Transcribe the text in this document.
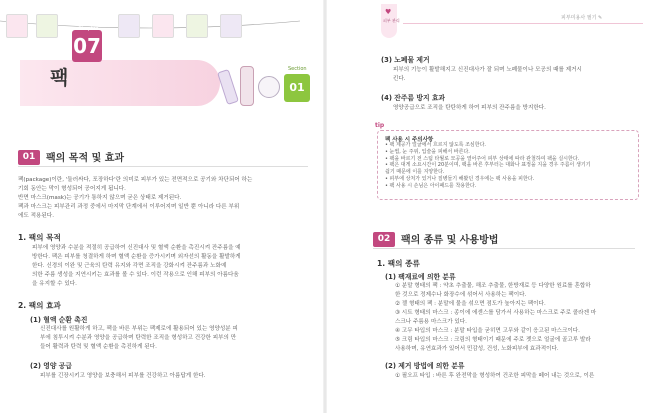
07
Chapter
팩	Section
01
01	팩의 목적 및 효과
팩(package)이란, '둘러싸다, 포장하다'란 의미로 피부가 있는 전면적으로 공기와 차단되어 하는
기회 동안는 막이 형성되어 공어지게 됩니다.
반면 마스크(mask)는 공기가 통하지 않으며 굳은 상태로 제거된다.
팩과 마스크는 피부관리 과정 중에서 마지막 단계에서 이루어지며 일반 뿐 아니라 다른 부위
에도 적용된다.
1. 팩의 목적
피부에 영양과 수분을 적절히 공급하여 신진대사 및 혈액 순환을 촉진시켜 잔주름을 예
방한다. 팩은 피부를 청결하게 하며 혈액 순환을 증가시키며 외자선의 활동을 활발하게
한다. 신경의 이완 및 근육의 탄력 유지와 각면 조직을 강화시켜 잔주름과 노화예
의한 주름 생성을 지연시키는 효과를 볼 수 있다. 이런 작용으로 인해 피부의 아름다움
을 유지할 수 있다.
2. 팩의 효과
(1) 혈액 순환 촉진
신진대사를 원활하게 하고, 팩을 바른 부위는 팩제로에 활용되어 있는 영양성분 피
부에 침투시켜 수분과 영양을 공급하며 탄력한 조직을 형성하고 건강한 피부의 만
들어 활력과 탄력 및 혈액 순환을 촉진하게 된다.
(2) 영양 공급
피부를 긴장시키고 영양을 보충해서 피부를 건강하고 아름답게 한다.
♥
피부 관리	피부미용사 필기 ✎
(3) 노폐물 제거
피부의 기능이 활발해지고 신진대사가 잘 되며 노폐물이나 모공의 때를 제거시
킨다.
(4) 잔주름 방지 효과
영양공급으로 조직을 탄탄하게 하여 피부의 잔주름을 방지한다.
tip
팩 사용 시 주의사항
• 팩 제공가 얼굴에서 흐르지 않도록 조심한다.
• 눈썹, 눈 주위, 입술을 피해서 바른다.
• 팩을 바르기 전 스팀 타월로 모공을 열어주어 피부 상태에 따라 관철하여 팩을 실시한다.
• 팩은 대게 소요시간이 20분이며, 팩을 바른 후부터는 대화나 표정을 지을 경우 주름이 생기기
쉽기 때문에 이를 지양한다.
• 피부에 상처가 있거나 질병들기 해봤던 경우에는 팩 사용을 피한다.
• 팩 사용 시 손님은 아이패드를 착용한다.
02	팩의 종류 및 사용방법
1. 팩의 종류
(1) 팩재료에 의한 분류
① 분말 형태의 팩 : 약초 추출물, 해조 추출물, 한방재료 등 다양한 원료를 혼합하
한 것으로 정제수나 화장수에 섞어서 사용하는 팩이다.
② 젤 형태의 팩 : 분말에 물을 섞으면 점도가 높아지는 팩이다.
③ 시트 형태의 마스크 : 종이에 에센스를 담가서 사용하는 마스크로 주로 콜라겐 마
스크나 주름용 마스크가 있다.
④ 고무 타입의 마스크 : 분말 타입을 굳히면 고무와 같이 응고된 마스크이다.
⑤ 크림 타입의 마스크 : 크림의 형태이기 때문에 주로 젯으로 얼굴에 골고루 발라
사용하며, 유연효과가 있어서 민감성, 건성, 노화피부에 효과적이다.
(2) 제거 방법에 의한 분류
① 필오프 타입 : 바른 후 완전막을 형성하여 건조한 피막을 떼어 내는 것으로, 이른
